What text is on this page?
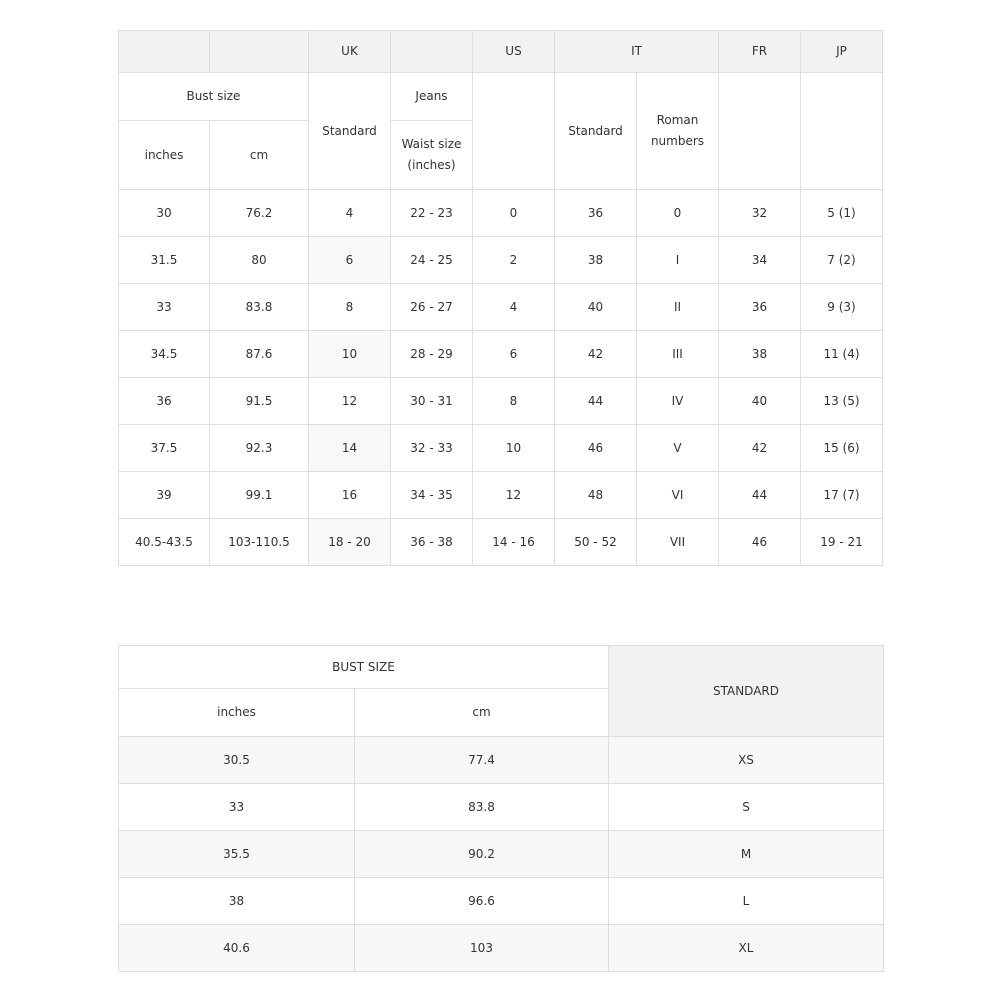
		UK		US	IT		FR	JP
Bust size		Standard	Jeans		Standard	Roman
numbers		

inches	cm		Waist size
(inches)					

30	76.2	4	22 - 23	0	36	0	32	5 (1)
31.5	80	6	24 - 25	2	38	I	34	7 (2)
33	83.8	8	26 - 27	4	40	II	36	9 (3)
34.5	87.6	10	28 - 29	6	42	III	38	11 (4)
36	91.5	12	30 - 31	8	44	IV	40	13 (5)
37.5	92.3	14	32 - 33	10	46	V	42	15 (6)
39	99.1	16	34 - 35	12	48	VI	44	17 (7)
40.5-43.5	103-110.5	18 - 20	36 - 38	14 - 16	50 - 52	VII	46	19 - 21
BUST SIZE		STANDARD
inches	cm	
30.5	77.4	XS
33	83.8	S
35.5	90.2	M
38	96.6	L
40.6	103	XL
